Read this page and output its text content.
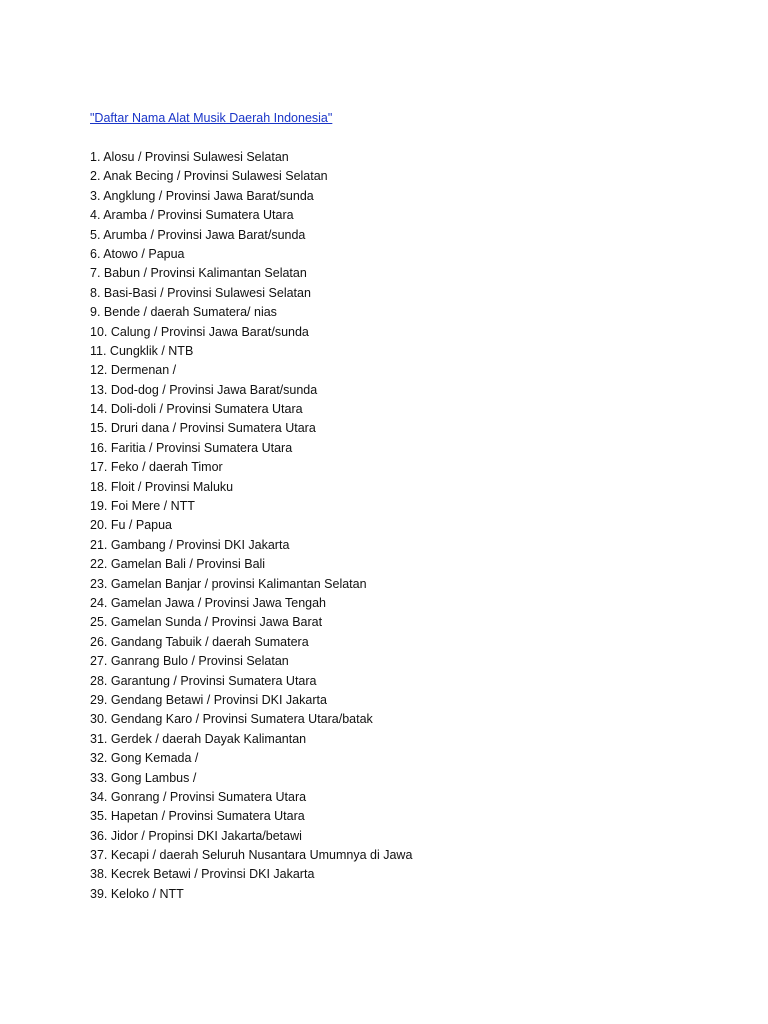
"Daftar Nama Alat Musik Daerah Indonesia"
1. Alosu / Provinsi Sulawesi Selatan
2. Anak Becing / Provinsi Sulawesi Selatan
3. Angklung / Provinsi Jawa Barat/sunda
4. Aramba / Provinsi Sumatera Utara
5. Arumba / Provinsi Jawa Barat/sunda
6. Atowo / Papua
7. Babun / Provinsi Kalimantan Selatan
8. Basi-Basi / Provinsi Sulawesi Selatan
9. Bende / daerah Sumatera/ nias
10. Calung / Provinsi Jawa Barat/sunda
11. Cungklik / NTB
12. Dermenan /
13. Dod-dog / Provinsi Jawa Barat/sunda
14. Doli-doli / Provinsi Sumatera Utara
15. Druri dana / Provinsi Sumatera Utara
16. Faritia / Provinsi Sumatera Utara
17. Feko / daerah Timor
18. Floit / Provinsi Maluku
19. Foi Mere / NTT
20. Fu / Papua
21. Gambang / Provinsi DKI Jakarta
22. Gamelan Bali / Provinsi Bali
23. Gamelan Banjar / provinsi Kalimantan Selatan
24. Gamelan Jawa / Provinsi Jawa Tengah
25. Gamelan Sunda / Provinsi Jawa Barat
26. Gandang Tabuik / daerah Sumatera
27. Ganrang Bulo / Provinsi Selatan
28. Garantung / Provinsi Sumatera Utara
29. Gendang Betawi / Provinsi DKI Jakarta
30. Gendang Karo / Provinsi Sumatera Utara/batak
31. Gerdek / daerah Dayak Kalimantan
32. Gong Kemada /
33. Gong Lambus /
34. Gonrang / Provinsi Sumatera Utara
35. Hapetan / Provinsi Sumatera Utara
36. Jidor / Propinsi DKI Jakarta/betawi
37. Kecapi / daerah Seluruh Nusantara Umumnya di Jawa
38. Kecrek Betawi / Provinsi DKI Jakarta
39. Keloko / NTT
